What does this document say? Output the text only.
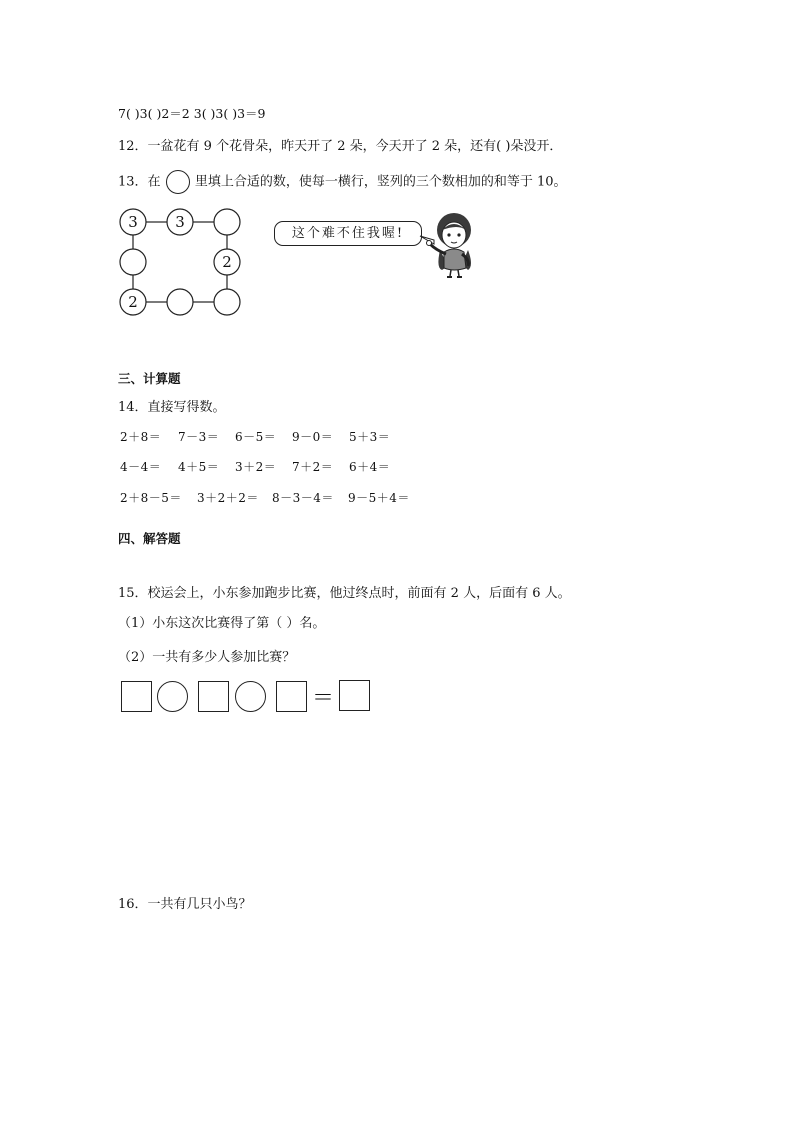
7( )3( )2＝2 3( )3( )3＝9
12．一盆花有 9 个花骨朵，昨天开了 2 朵，今天开了 2 朵，还有( )朵没开．
13．在	里填上合适的数，使每一横行，竖列的三个数相加的和等于 10。
3 3
2
2
这个难不住我喔!
三、计算题
14．直接写得数。
2＋8＝ 7－3＝ 6－5＝ 9－0＝ 5＋3＝
4－4＝ 4＋5＝ 3＋2＝ 7＋2＝ 6＋4＝
2＋8－5＝ 3＋2＋2＝ 8－3－4＝ 9－5＋4＝
四、解答题
15．校运会上，小东参加跑步比赛，他过终点时，前面有 2 人，后面有 6 人。
（1）小东这次比赛得了第（ ）名。
（2）一共有多少人参加比赛？
＝
16．一共有几只小鸟？
